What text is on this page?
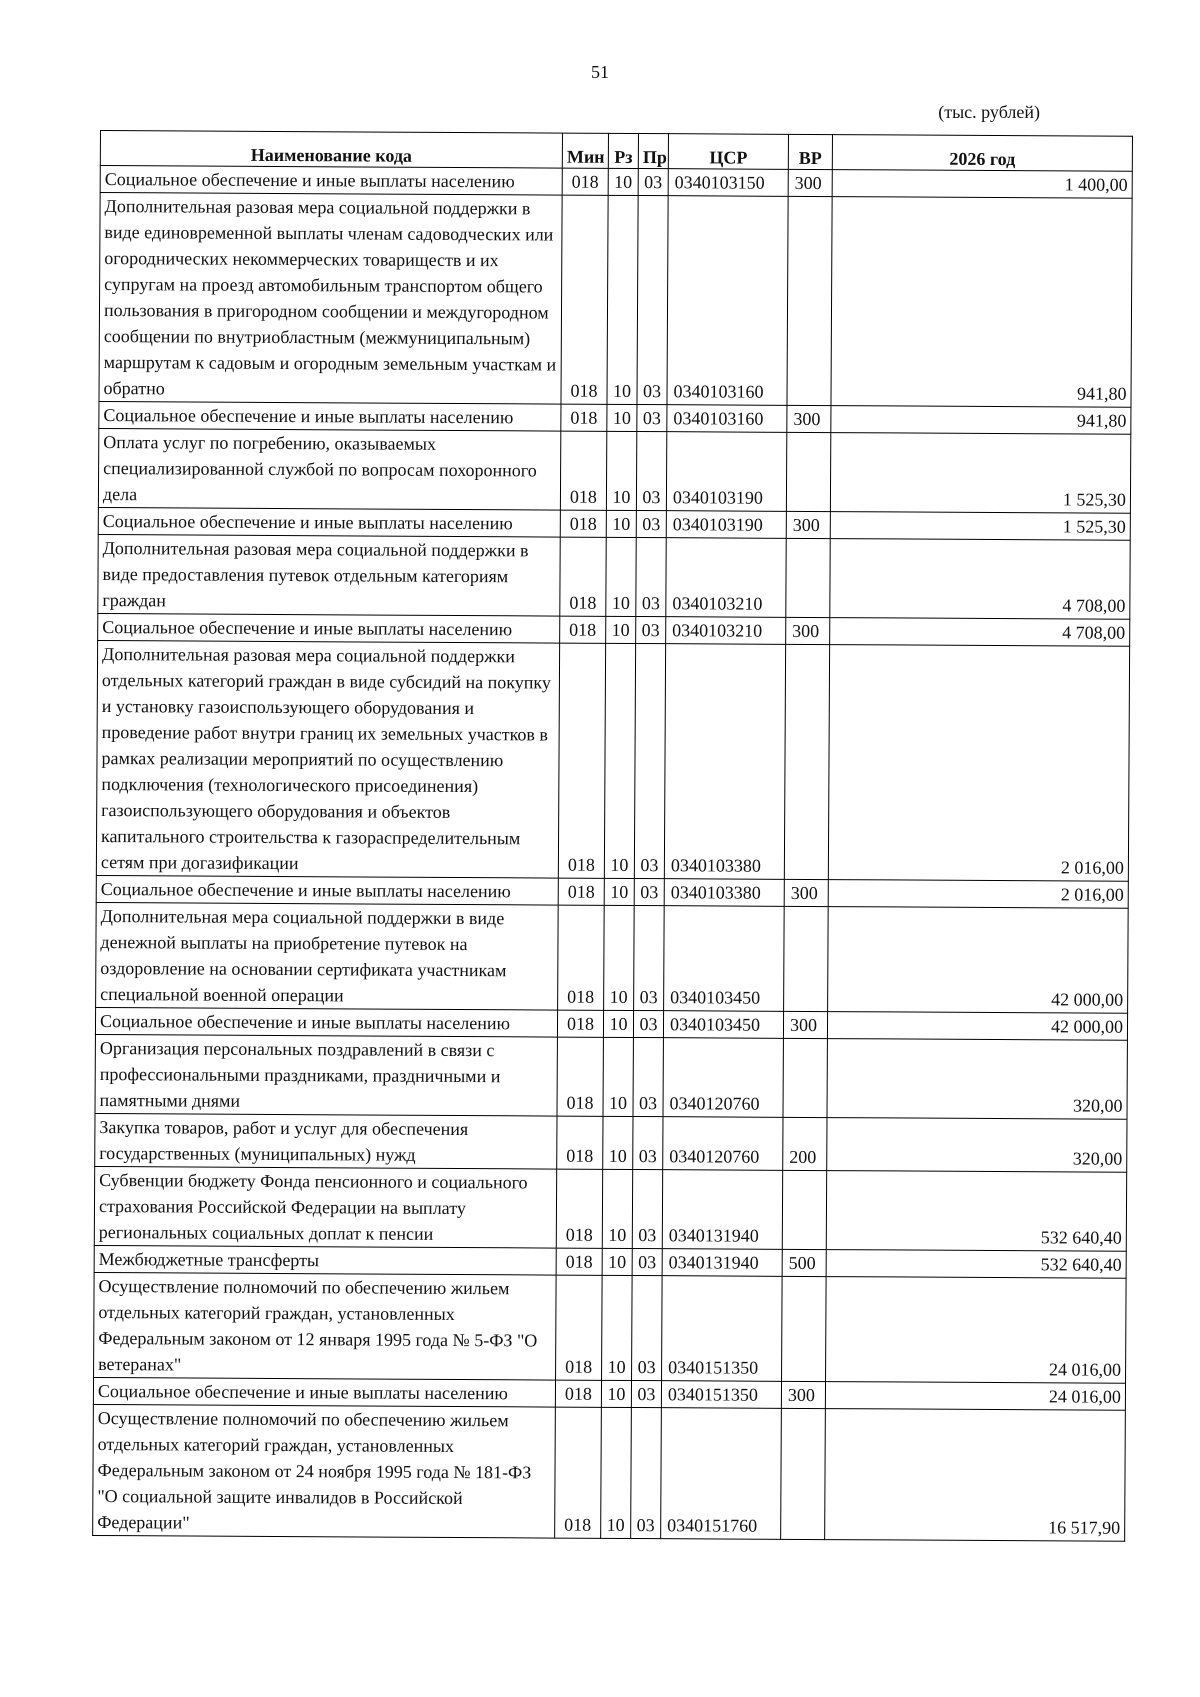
51
(тыс. рублей)
Наименование кода	Мин	Рз	Пр	ЦСР	ВР	2026 год
Социальное обеспечение и иные выплаты населению	018	10	03	0340103150	300	1 400,00
Дополнительная разовая мера социальной поддержки в виде единовременной выплаты членам садоводческих или огороднических некоммерческих товариществ и их супругам на проезд автомобильным транспортом общего пользования в пригородном сообщении и междугородном сообщении по внутриобластным (межмуниципальным) маршрутам к садовым и огородным земельным участкам и обратно	018	10	03	0340103160		941,80
Социальное обеспечение и иные выплаты населению	018	10	03	0340103160	300	941,80
Оплата услуг по погребению, оказываемых специализированной службой по вопросам похоронного дела	018	10	03	0340103190		1 525,30
Социальное обеспечение и иные выплаты населению	018	10	03	0340103190	300	1 525,30
Дополнительная разовая мера социальной поддержки в виде предоставления путевок отдельным категориям граждан	018	10	03	0340103210		4 708,00
Социальное обеспечение и иные выплаты населению	018	10	03	0340103210	300	4 708,00
Дополнительная разовая мера социальной поддержки отдельных категорий граждан в виде субсидий на покупку и установку газоиспользующего оборудования и проведение работ внутри границ их земельных участков в рамках реализации мероприятий по осуществлению подключения (технологического присоединения) газоиспользующего оборудования и объектов капитального строительства к газораспределительным сетям при догазификации	018	10	03	0340103380		2 016,00
Социальное обеспечение и иные выплаты населению	018	10	03	0340103380	300	2 016,00
Дополнительная мера социальной поддержки в виде денежной выплаты на приобретение путевок на оздоровление на основании сертификата участникам специальной военной операции	018	10	03	0340103450		42 000,00
Социальное обеспечение и иные выплаты населению	018	10	03	0340103450	300	42 000,00
Организация персональных поздравлений в связи с профессиональными праздниками, праздничными и памятными днями	018	10	03	0340120760		320,00
Закупка товаров, работ и услуг для обеспечения государственных (муниципальных) нужд	018	10	03	0340120760	200	320,00
Субвенции бюджету Фонда пенсионного и социального страхования Российской Федерации на выплату региональных социальных доплат к пенсии	018	10	03	0340131940		532 640,40
Межбюджетные трансферты	018	10	03	0340131940	500	532 640,40
Осуществление полномочий по обеспечению жильем отдельных категорий граждан, установленных Федеральным законом от 12 января 1995 года № 5-ФЗ "О ветеранах"	018	10	03	0340151350		24 016,00
Социальное обеспечение и иные выплаты населению	018	10	03	0340151350	300	24 016,00
Осуществление полномочий по обеспечению жильем отдельных категорий граждан, установленных Федеральным законом от 24 ноября 1995 года № 181-ФЗ "О социальной защите инвалидов в Российской Федерации"	018	10	03	0340151760		16 517,90
